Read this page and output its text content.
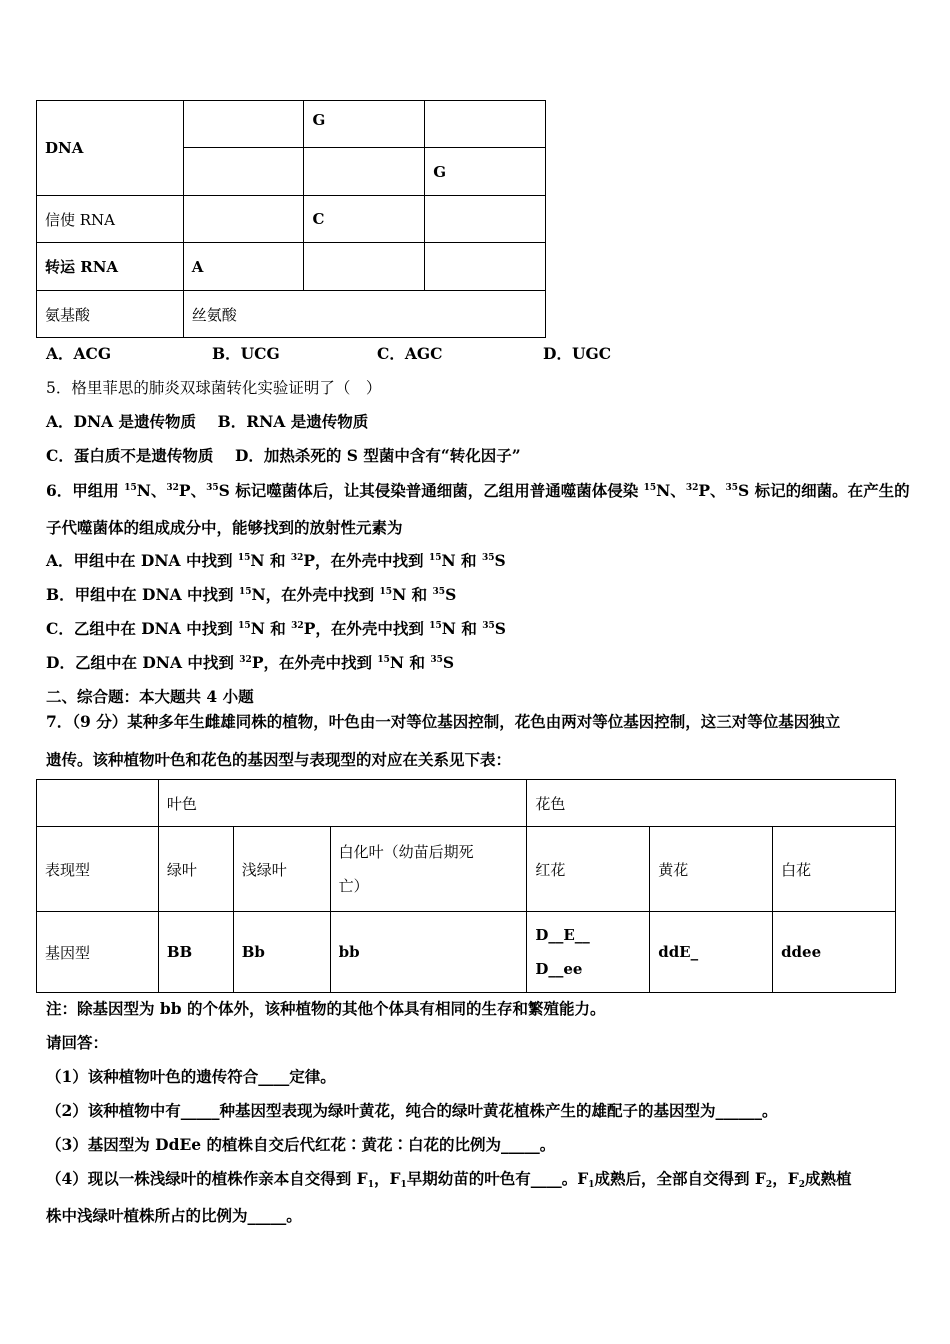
DNA		G	
			G
信使 RNA		C	
转运 RNA	A		
氨基酸	丝氨酸		
A．ACG	B．UCG	C．AGC	D．UGC
5．格里菲思的肺炎双球菌转化实验证明了（　）
A．DNA 是遗传物质 B．RNA 是遗传物质
C．蛋白质不是遗传物质 D．加热杀死的 S 型菌中含有“转化因子”
6．甲组用 $^{15}$N、$^{32}$P、$^{35}$S 标记噬菌体后，让其侵染普通细菌，乙组用普通噬菌体侵染 $^{15}$N、$^{32}$P、$^{35}$S 标记的细菌。在产生的
子代噬菌体的组成成分中，能够找到的放射性元素为
A．甲组中在 DNA 中找到 $^{15}$N 和 $^{32}$P，在外壳中找到 $^{15}$N 和 $^{35}$S
B．甲组中在 DNA 中找到 $^{15}$N，在外壳中找到 $^{15}$N 和 $^{35}$S
C．乙组中在 DNA 中找到 $^{15}$N 和 $^{32}$P，在外壳中找到 $^{15}$N 和 $^{35}$S
D．乙组中在 DNA 中找到 $^{32}$P，在外壳中找到 $^{15}$N 和 $^{35}$S
二、综合题：本大题共 4 小题
7．（9 分）某种多年生雌雄同株的植物，叶色由一对等位基因控制，花色由两对等位基因控制，这三对等位基因独立
遗传。该种植物叶色和花色的基因型与表现型的对应在关系见下表：
	叶色			花色		
表现型	绿叶	浅绿叶	白化叶（幼苗后期死
亡）	红花	黄花	白花
基因型	BB	Bb	bb	D__E__
D__ee	ddE_	ddee
注：除基因型为 bb 的个体外，该种植物的其他个体具有相同的生存和繁殖能力。
请回答：
（1）该种植物叶色的遗传符合____定律。
（2）该种植物中有_____种基因型表现为绿叶黄花，纯合的绿叶黄花植株产生的雄配子的基因型为______。
（3）基因型为 DdEe 的植株自交后代红花∶黄花∶白花的比例为_____。
（4）现以一株浅绿叶的植株作亲本自交得到 $F_1$，$F_1$早期幼苗的叶色有____。$F_1$成熟后，全部自交得到 $F_2$，$F_2$成熟植
株中浅绿叶植株所占的比例为_____。
